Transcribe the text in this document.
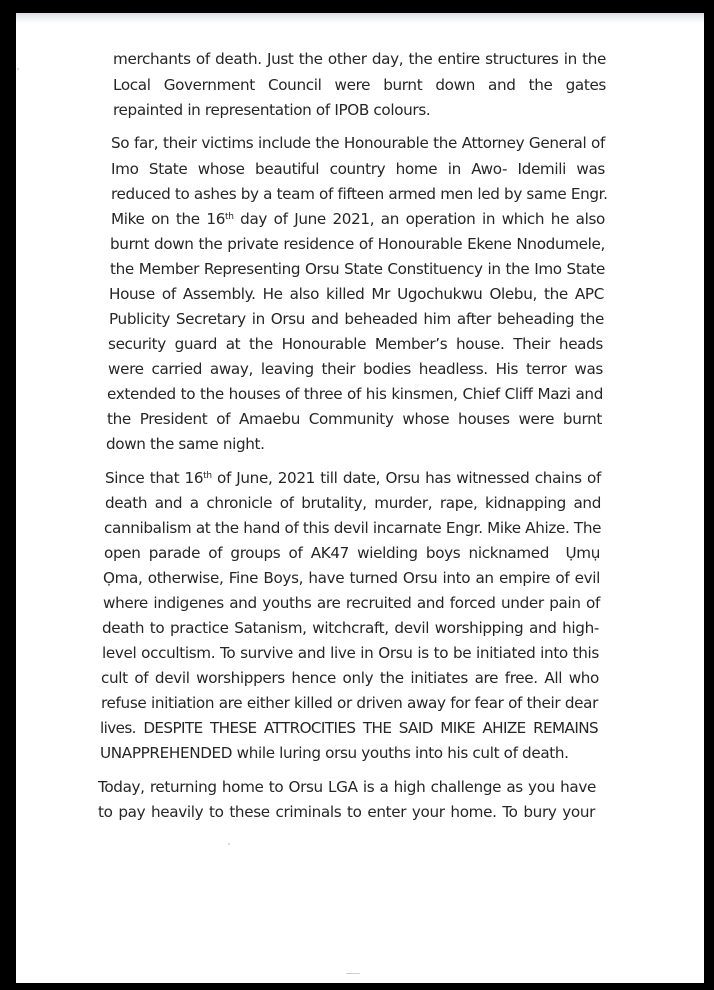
merchants of death. Just the other day, the entire structures in the
Local Government Council were burnt down and the gates
repainted in representation of IPOB colours.
So far, their victims include the Honourable the Attorney General of
Imo State whose beautiful country home in Awo- Idemili was
reduced to ashes by a team of fifteen armed men led by same Engr.
Mike on the 16th day of June 2021, an operation in which he also
burnt down the private residence of Honourable Ekene Nnodumele,
the Member Representing Orsu State Constituency in the Imo State
House of Assembly. He also killed Mr Ugochukwu Olebu, the APC
Publicity Secretary in Orsu and beheaded him after beheading the
security guard at the Honourable Member’s house. Their heads
were carried away, leaving their bodies headless. His terror was
extended to the houses of three of his kinsmen, Chief Cliff Mazi and
the President of Amaebu Community whose houses were burnt
down the same night.
Since that 16th of June, 2021 till date, Orsu has witnessed chains of
death and a chronicle of brutality, murder, rape, kidnapping and
cannibalism at the hand of this devil incarnate Engr. Mike Ahize. The
open parade of groups of AK47 wielding boys nicknamed  Ụmụ
Ọma, otherwise, Fine Boys, have turned Orsu into an empire of evil
where indigenes and youths are recruited and forced under pain of
death to practice Satanism, witchcraft, devil worshipping and high-
level occultism. To survive and live in Orsu is to be initiated into this
cult of devil worshippers hence only the initiates are free. All who
refuse initiation are either killed or driven away for fear of their dear
lives. DESPITE THESE ATTROCITIES THE SAID MIKE AHIZE REMAINS
UNAPPREHENDED while luring orsu youths into his cult of death.
Today, returning home to Orsu LGA is a high challenge as you have
to pay heavily to these criminals to enter your home. To bury your
